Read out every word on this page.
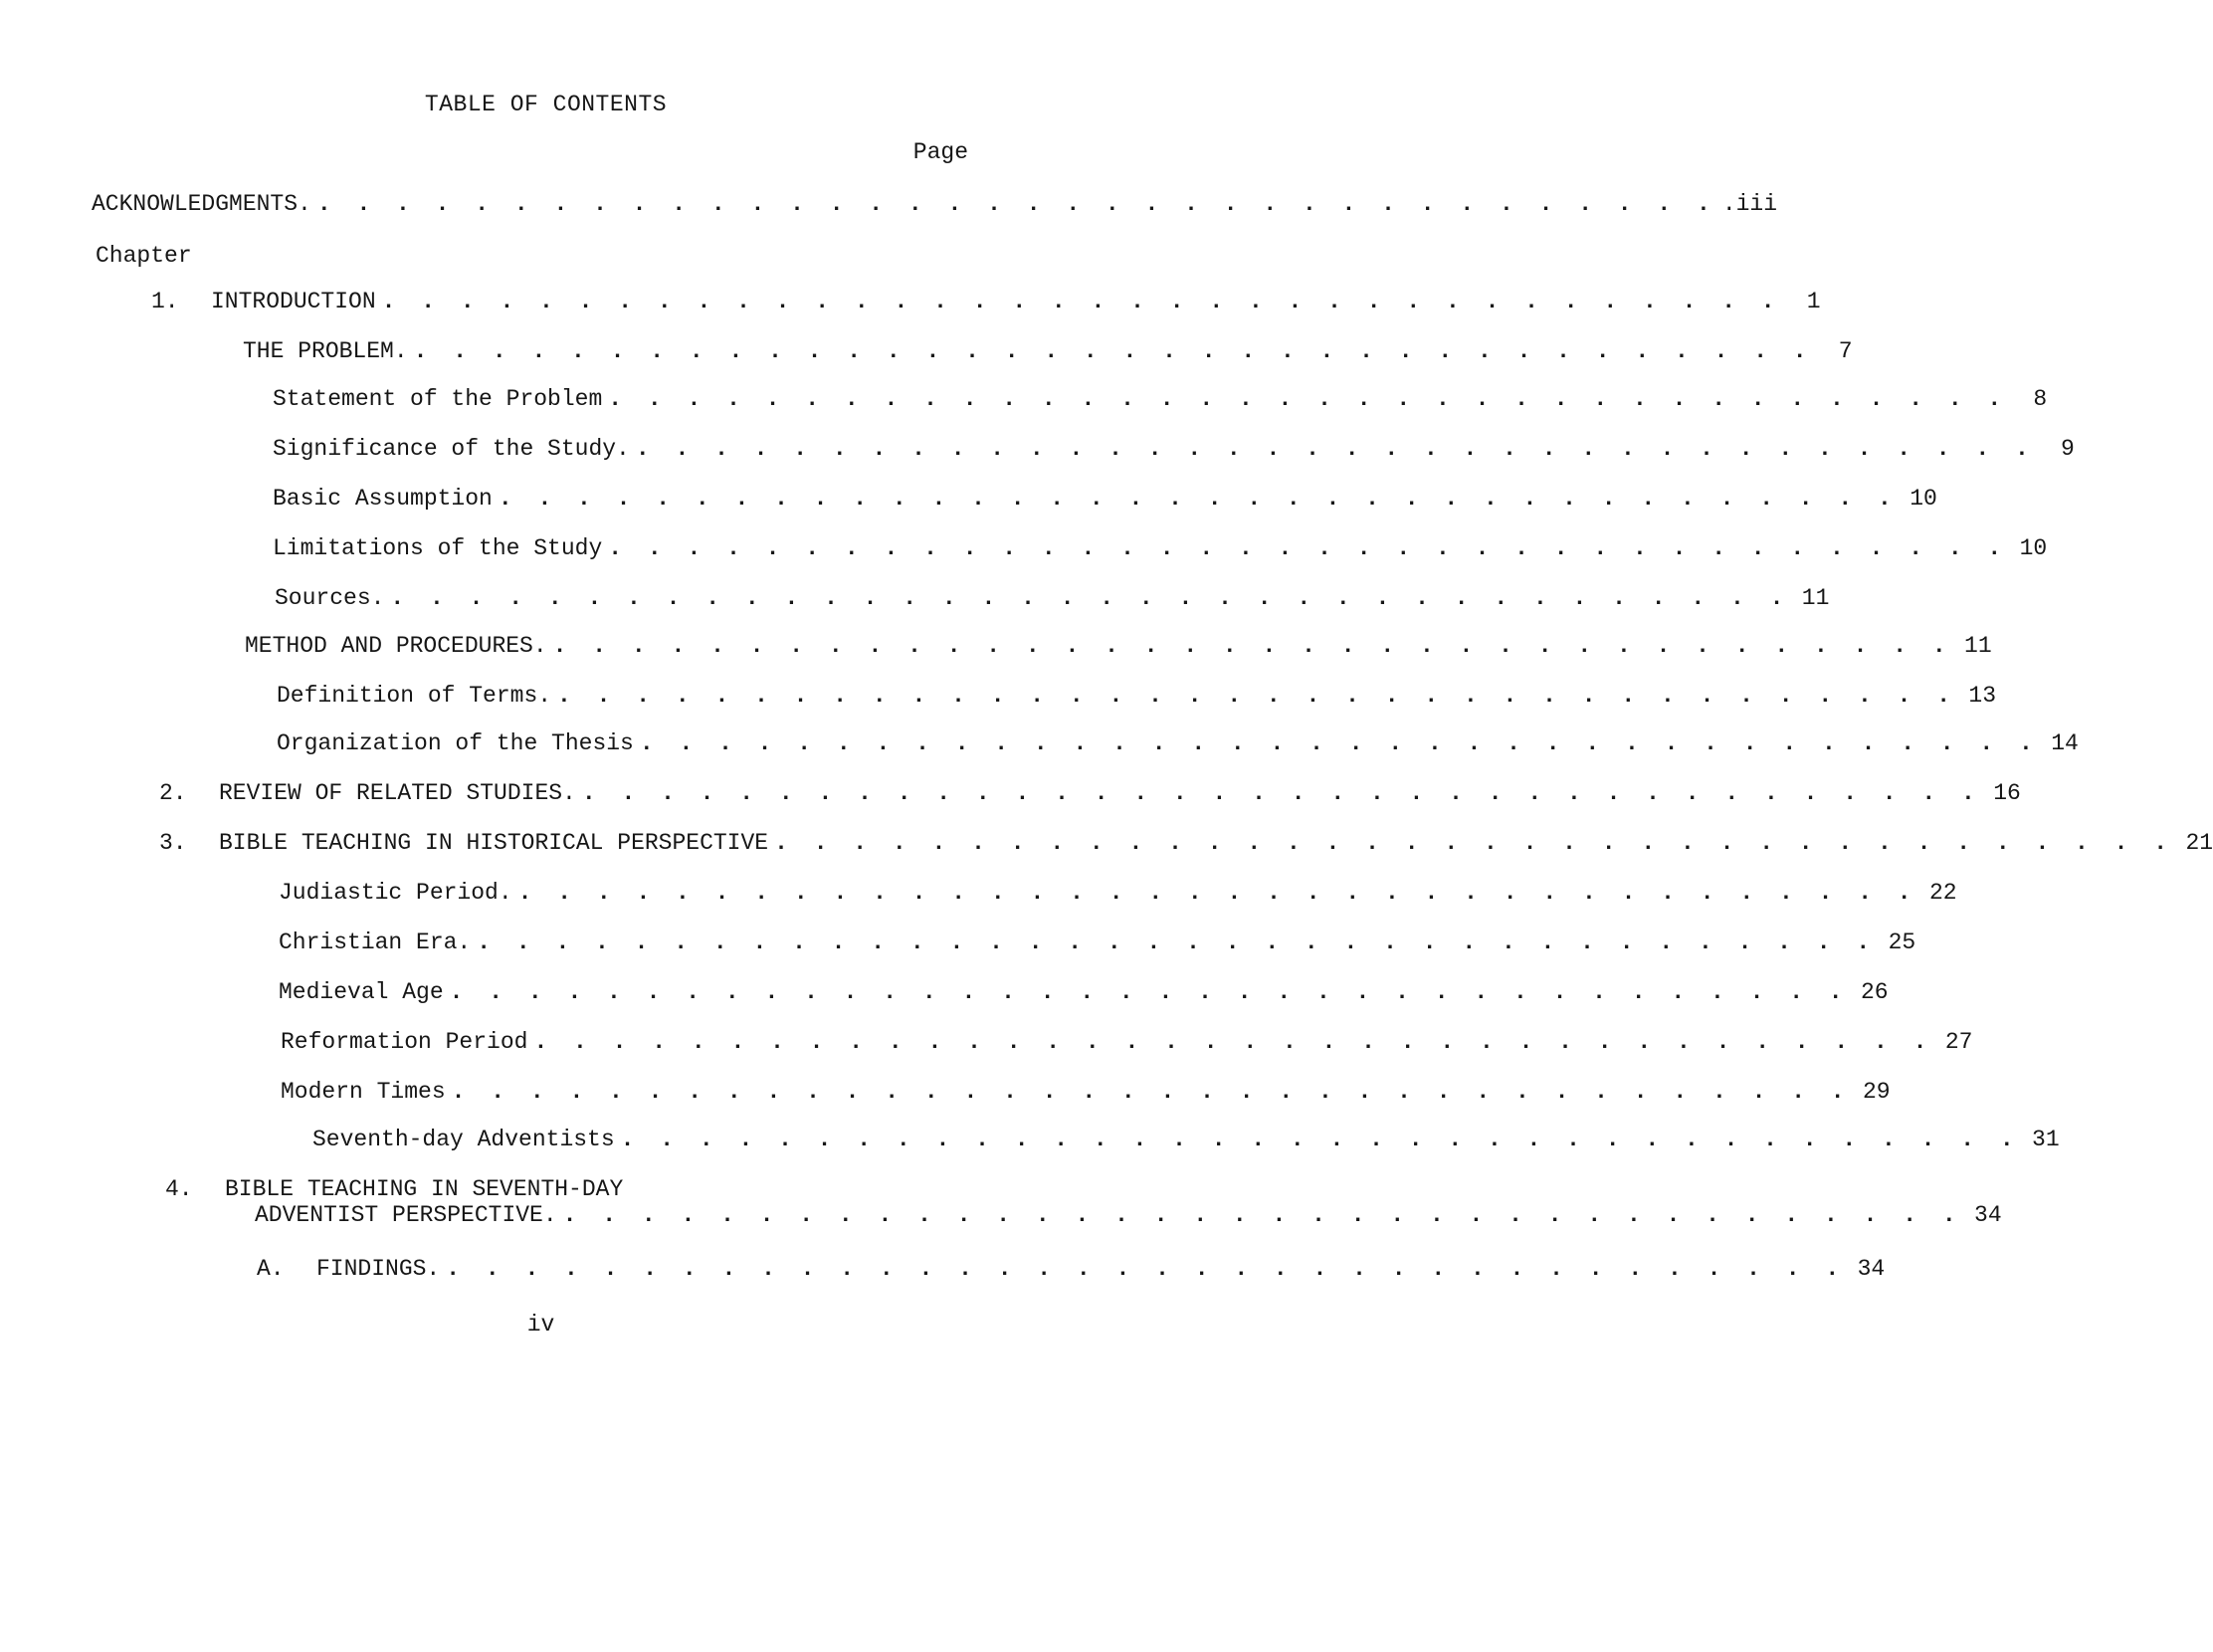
TABLE OF CONTENTS
Page
ACKNOWLEDGMENTS. . . . . . . . . . . . . . . . . . . . . . . . . . . . . . . . . . . . . .iii
Chapter
1.	INTRODUCTION . . . . . . . . . . . . . . . . . . . . . . . . . . . . . . . . . . . .	1
THE PROBLEM. . . . . . . . . . . . . . . . . . . . . . . . . . . . . . . . . . . . .	7
Statement of the Problem . . . . . . . . . . . . . . . . . . . . . . . . . . . . . . . . . . . .	8
Significance of the Study. . . . . . . . . . . . . . . . . . . . . . . . . . . . . . . . . . . . .	9
Basic Assumption . . . . . . . . . . . . . . . . . . . . . . . . . . . . . . . . . . . . 10
Limitations of the Study . . . . . . . . . . . . . . . . . . . . . . . . . . . . . . . . . . . . 10
Sources. . . . . . . . . . . . . . . . . . . . . . . . . . . . . . . . . . . . . 11
METHOD AND PROCEDURES. . . . . . . . . . . . . . . . . . . . . . . . . . . . . . . . . . . . . 11
Definition of Terms. . . . . . . . . . . . . . . . . . . . . . . . . . . . . . . . . . . . . 13
Organization of the Thesis . . . . . . . . . . . . . . . . . . . . . . . . . . . . . . . . . . . . 14
2.	REVIEW OF RELATED STUDIES. . . . . . . . . . . . . . . . . . . . . . . . . . . . . . . . . . . . . 16
3.	BIBLE TEACHING IN HISTORICAL PERSPECTIVE . . . . . . . . . . . . . . . . . . . . . . . . . . . . . . . . . . . . 21
Judiastic Period. . . . . . . . . . . . . . . . . . . . . . . . . . . . . . . . . . . . . 22
Christian Era. . . . . . . . . . . . . . . . . . . . . . . . . . . . . . . . . . . . . 25
Medieval Age . . . . . . . . . . . . . . . . . . . . . . . . . . . . . . . . . . . . 26
Reformation Period . . . . . . . . . . . . . . . . . . . . . . . . . . . . . . . . . . . . 27
Modern Times . . . . . . . . . . . . . . . . . . . . . . . . . . . . . . . . . . . . 29
Seventh-day Adventists . . . . . . . . . . . . . . . . . . . . . . . . . . . . . . . . . . . . 31
4. BIBLE TEACHING IN SEVENTH-DAY
ADVENTIST PERSPECTIVE. . . . . . . . . . . . . . . . . . . . . . . . . . . . . . . . . . . . . 34
A.	FINDINGS. . . . . . . . . . . . . . . . . . . . . . . . . . . . . . . . . . . . . 34
iv
